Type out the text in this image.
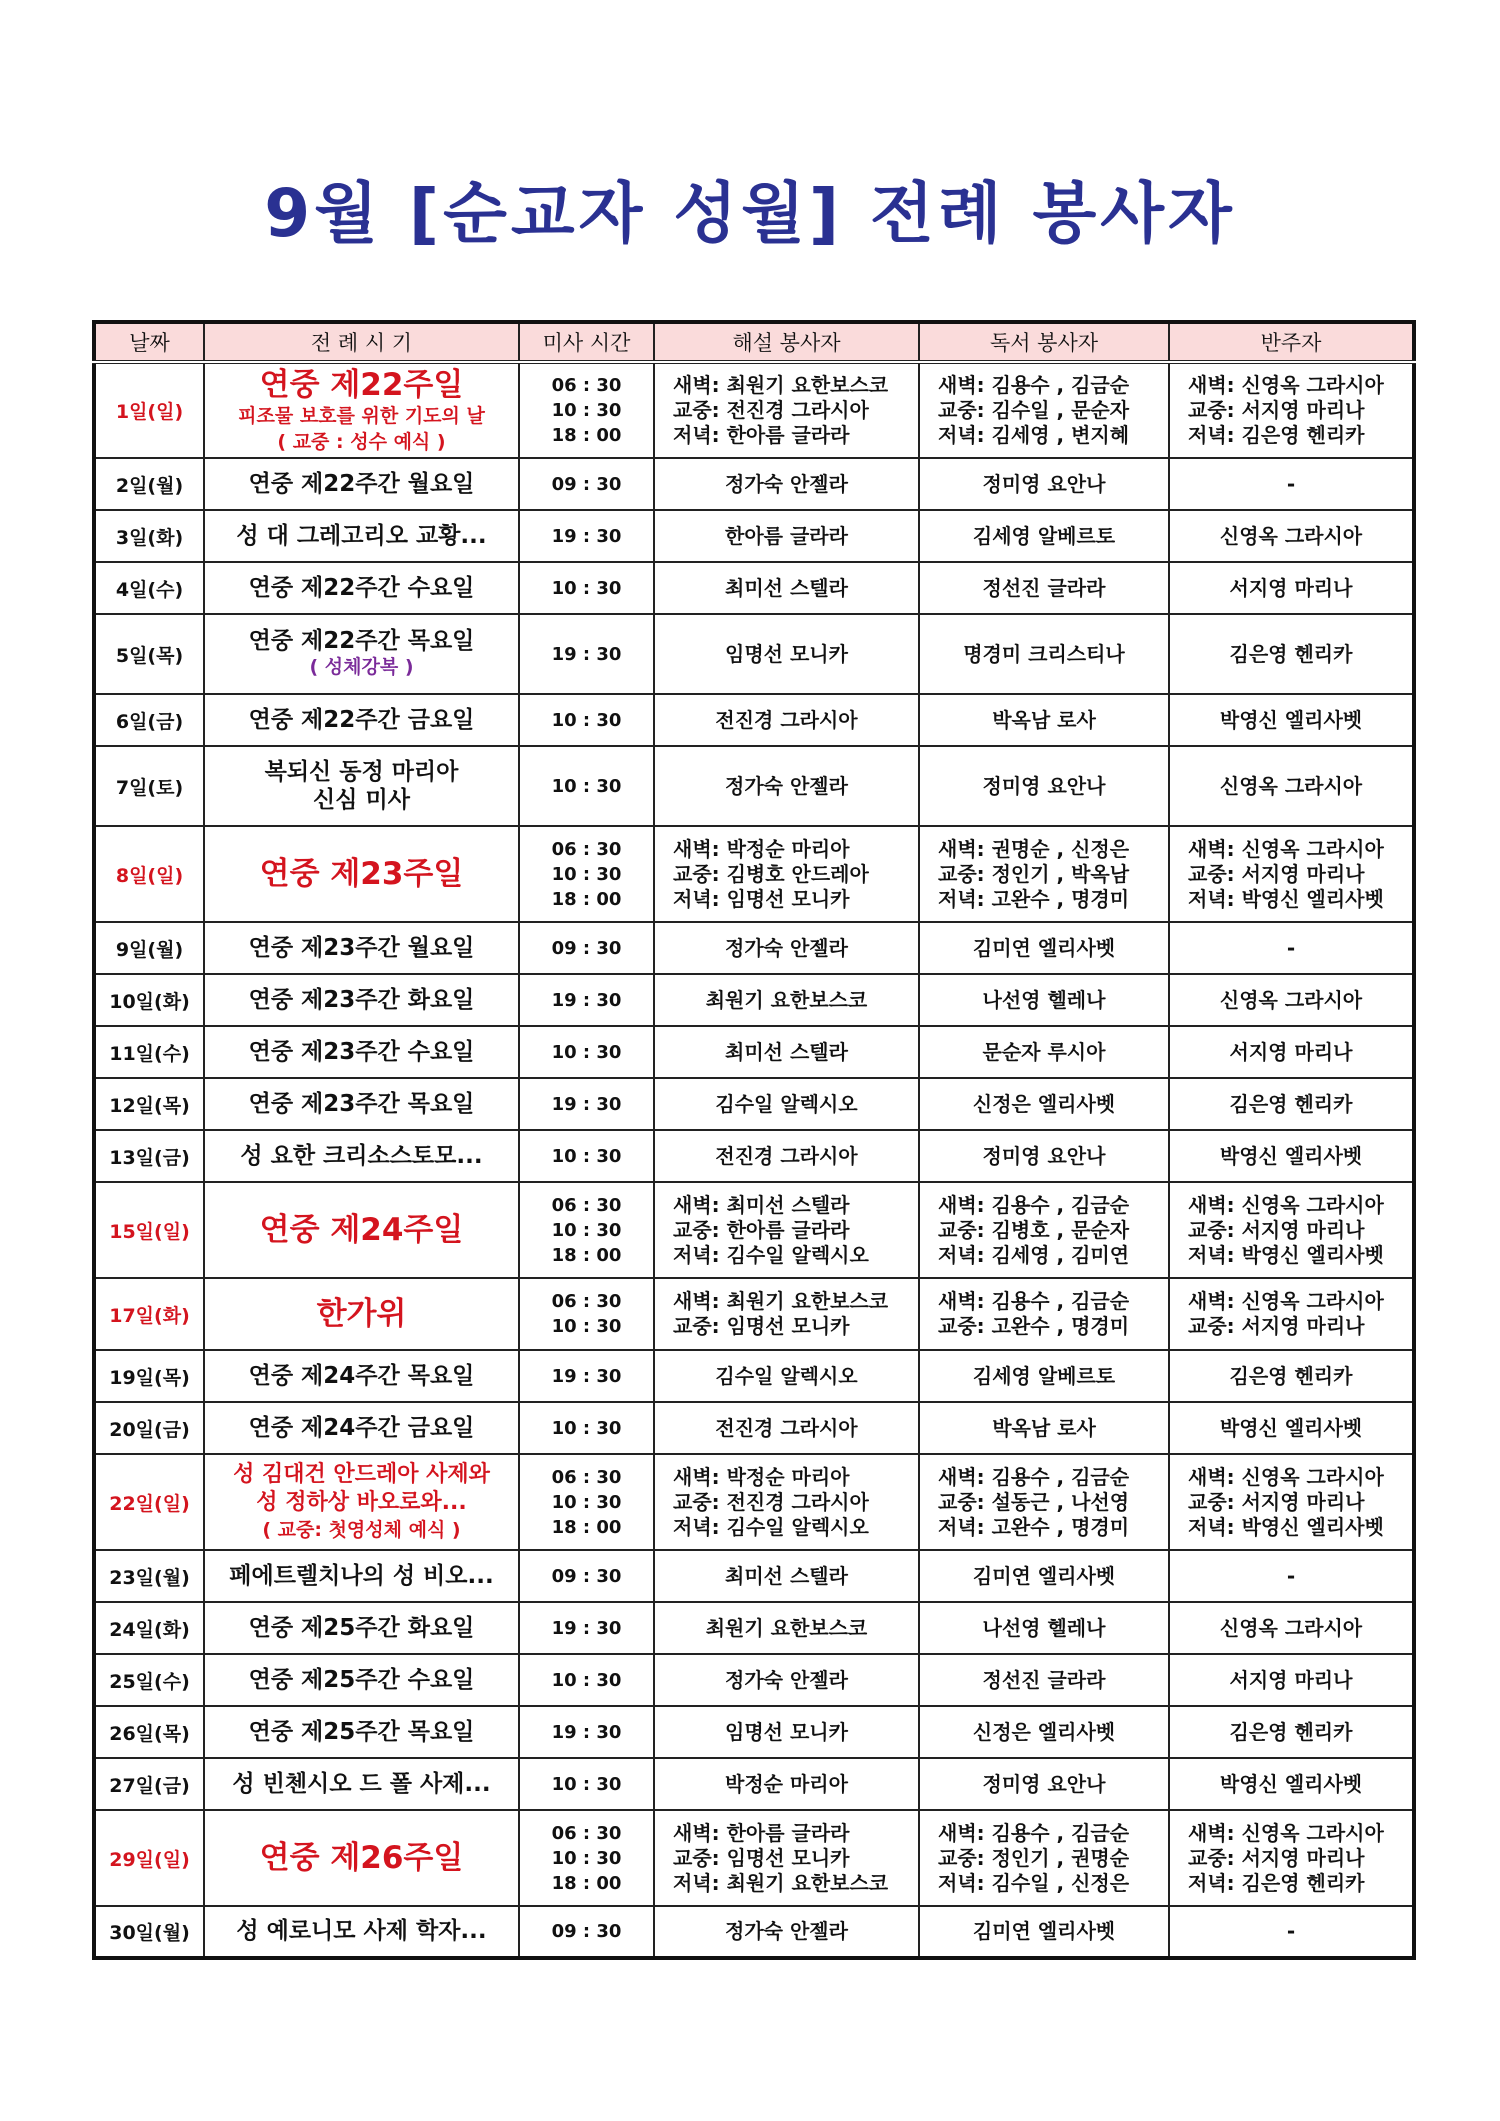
9월 [순교자 성월] 전례 봉사자
날짜	전 례 시 기	미사 시간	해설 봉사자	독서 봉사자	반주자
1일(일)	연중 제22주일
피조물 보호를 위한 기도의 날
( 교중 : 성수 예식 )	06 : 30
10 : 30
18 : 00	새벽: 최원기 요한보스코
교중: 전진경 그라시아
저녁: 한아름 글라라	새벽: 김용수 , 김금순
교중: 김수일 , 문순자
저녁: 김세영 , 변지혜	새벽: 신영옥 그라시아
교중: 서지영 마리나
저녁: 김은영 헨리카

2일(월)	연중 제22주간 월요일	09 : 30	정가숙 안젤라	정미영 요안나	-

3일(화)	성 대 그레고리오 교황...	19 : 30	한아름 글라라	김세영 알베르토	신영옥 그라시아

4일(수)	연중 제22주간 수요일	10 : 30	최미선 스텔라	정선진 글라라	서지영 마리나

5일(목)	연중 제22주간 목요일
( 성체강복 )	19 : 30	임명선 모니카	명경미 크리스티나	김은영 헨리카

6일(금)	연중 제22주간 금요일	10 : 30	전진경 그라시아	박옥남 로사	박영신 엘리사벳

7일(토)	복되신 동정 마리아
신심 미사	10 : 30	정가숙 안젤라	정미영 요안나	신영옥 그라시아

8일(일)	연중 제23주일	06 : 30
10 : 30
18 : 00	새벽: 박정순 마리아
교중: 김병호 안드레아
저녁: 임명선 모니카	새벽: 권명순 , 신정은
교중: 정인기 , 박옥남
저녁: 고완수 , 명경미	새벽: 신영옥 그라시아
교중: 서지영 마리나
저녁: 박영신 엘리사벳

9일(월)	연중 제23주간 월요일	09 : 30	정가숙 안젤라	김미연 엘리사벳	-

10일(화)	연중 제23주간 화요일	19 : 30	최원기 요한보스코	나선영 헬레나	신영옥 그라시아

11일(수)	연중 제23주간 수요일	10 : 30	최미선 스텔라	문순자 루시아	서지영 마리나

12일(목)	연중 제23주간 목요일	19 : 30	김수일 알렉시오	신정은 엘리사벳	김은영 헨리카

13일(금)	성 요한 크리소스토모...	10 : 30	전진경 그라시아	정미영 요안나	박영신 엘리사벳

15일(일)	연중 제24주일	06 : 30
10 : 30
18 : 00	새벽: 최미선 스텔라
교중: 한아름 글라라
저녁: 김수일 알렉시오	새벽: 김용수 , 김금순
교중: 김병호 , 문순자
저녁: 김세영 , 김미연	새벽: 신영옥 그라시아
교중: 서지영 마리나
저녁: 박영신 엘리사벳

17일(화)	한가위	06 : 30
10 : 30	새벽: 최원기 요한보스코
교중: 임명선 모니카	새벽: 김용수 , 김금순
교중: 고완수 , 명경미	새벽: 신영옥 그라시아
교중: 서지영 마리나

19일(목)	연중 제24주간 목요일	19 : 30	김수일 알렉시오	김세영 알베르토	김은영 헨리카

20일(금)	연중 제24주간 금요일	10 : 30	전진경 그라시아	박옥남 로사	박영신 엘리사벳

22일(일)	성 김대건 안드레아 사제와
성 정하상 바오로와...
( 교중: 첫영성체 예식 )	06 : 30
10 : 30
18 : 00	새벽: 박정순 마리아
교중: 전진경 그라시아
저녁: 김수일 알렉시오	새벽: 김용수 , 김금순
교중: 설동근 , 나선영
저녁: 고완수 , 명경미	새벽: 신영옥 그라시아
교중: 서지영 마리나
저녁: 박영신 엘리사벳

23일(월)	페에트렐치나의 성 비오...	09 : 30	최미선 스텔라	김미연 엘리사벳	-

24일(화)	연중 제25주간 화요일	19 : 30	최원기 요한보스코	나선영 헬레나	신영옥 그라시아

25일(수)	연중 제25주간 수요일	10 : 30	정가숙 안젤라	정선진 글라라	서지영 마리나

26일(목)	연중 제25주간 목요일	19 : 30	임명선 모니카	신정은 엘리사벳	김은영 헨리카

27일(금)	성 빈첸시오 드 폴 사제...	10 : 30	박정순 마리아	정미영 요안나	박영신 엘리사벳

29일(일)	연중 제26주일	06 : 30
10 : 30
18 : 00	새벽: 한아름 글라라
교중: 임명선 모니카
저녁: 최원기 요한보스코	새벽: 김용수 , 김금순
교중: 정인기 , 권명순
저녁: 김수일 , 신정은	새벽: 신영옥 그라시아
교중: 서지영 마리나
저녁: 김은영 헨리카

30일(월)	성 예로니모 사제 학자...	09 : 30	정가숙 안젤라	김미연 엘리사벳	-
